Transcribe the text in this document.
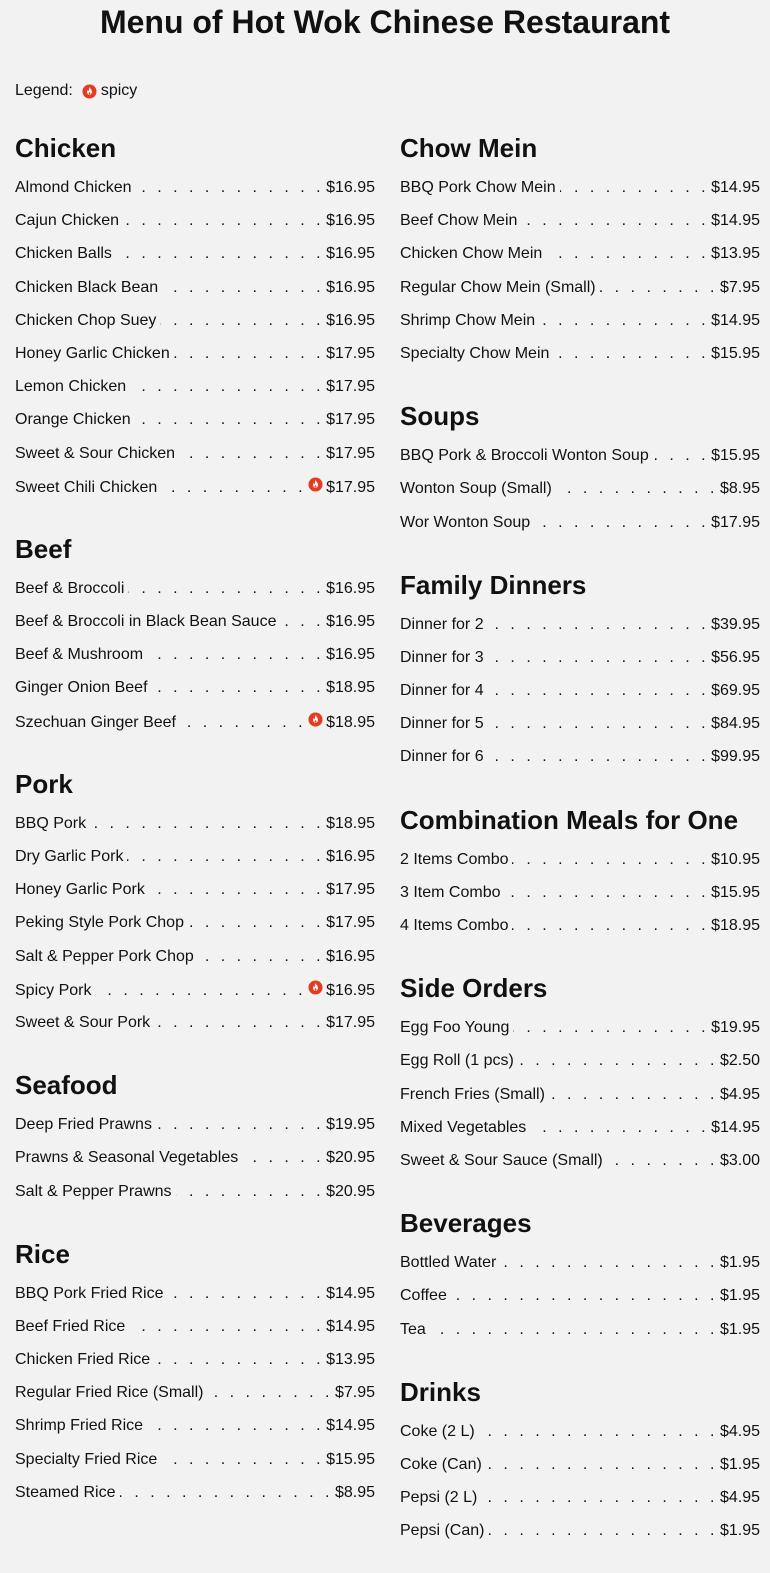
Menu of Hot Wok Chinese Restaurant
Legend: spicy
Chicken
Almond Chicken . . .	$16.95
Cajun Chicken . . .	$16.95
Chicken Balls . . .	$16.95
Chicken Black Bean . . .	$16.95
Chicken Chop Suey . . .	$16.95
Honey Garlic Chicken . . .	$17.95
Lemon Chicken . . .	$17.95
Orange Chicken . . .	$17.95
Sweet & Sour Chicken . . .	$17.95
Sweet Chili Chicken . . .	$17.95
Beef
Beef & Broccoli . . .	$16.95
Beef & Broccoli in Black Bean Sauce . . .	$16.95
Beef & Mushroom . . .	$16.95
Ginger Onion Beef . . .	$18.95
Szechuan Ginger Beef . . .	$18.95
Pork
BBQ Pork . . .	$18.95
Dry Garlic Pork . . .	$16.95
Honey Garlic Pork . . .	$17.95
Peking Style Pork Chop . . .	$17.95
Salt & Pepper Pork Chop . . .	$16.95
Spicy Pork . . .	$16.95
Sweet & Sour Pork . . .	$17.95
Seafood
Deep Fried Prawns . . .	$19.95
Prawns & Seasonal Vegetables . . .	$20.95
Salt & Pepper Prawns . . .	$20.95
Rice
BBQ Pork Fried Rice . . .	$14.95
Beef Fried Rice . . .	$14.95
Chicken Fried Rice . . .	$13.95
Regular Fried Rice (Small) . . .	$7.95
Shrimp Fried Rice . . .	$14.95
Specialty Fried Rice . . .	$15.95
Steamed Rice . . .	$8.95
Chow Mein
BBQ Pork Chow Mein . . .	$14.95
Beef Chow Mein . . .	$14.95
Chicken Chow Mein . . .	$13.95
Regular Chow Mein (Small) . . .	$7.95
Shrimp Chow Mein . . .	$14.95
Specialty Chow Mein . . .	$15.95
Soups
BBQ Pork & Broccoli Wonton Soup . . .	$15.95
Wonton Soup (Small) . . .	$8.95
Wor Wonton Soup . . .	$17.95
Family Dinners
Dinner for 2 . . .	$39.95
Dinner for 3 . . .	$56.95
Dinner for 4 . . .	$69.95
Dinner for 5 . . .	$84.95
Dinner for 6 . . .	$99.95
Combination Meals for One
2 Items Combo . . .	$10.95
3 Item Combo . . .	$15.95
4 Items Combo . . .	$18.95
Side Orders
Egg Foo Young . . .	$19.95
Egg Roll (1 pcs) . . .	$2.50
French Fries (Small) . . .	$4.95
Mixed Vegetables . . .	$14.95
Sweet & Sour Sauce (Small) . . .	$3.00
Beverages
Bottled Water . . .	$1.95
Coffee . . .	$1.95
Tea . . .	$1.95
Drinks
Coke (2 L) . . .	$4.95
Coke (Can) . . .	$1.95
Pepsi (2 L) . . .	$4.95
Pepsi (Can) . . .	$1.95
